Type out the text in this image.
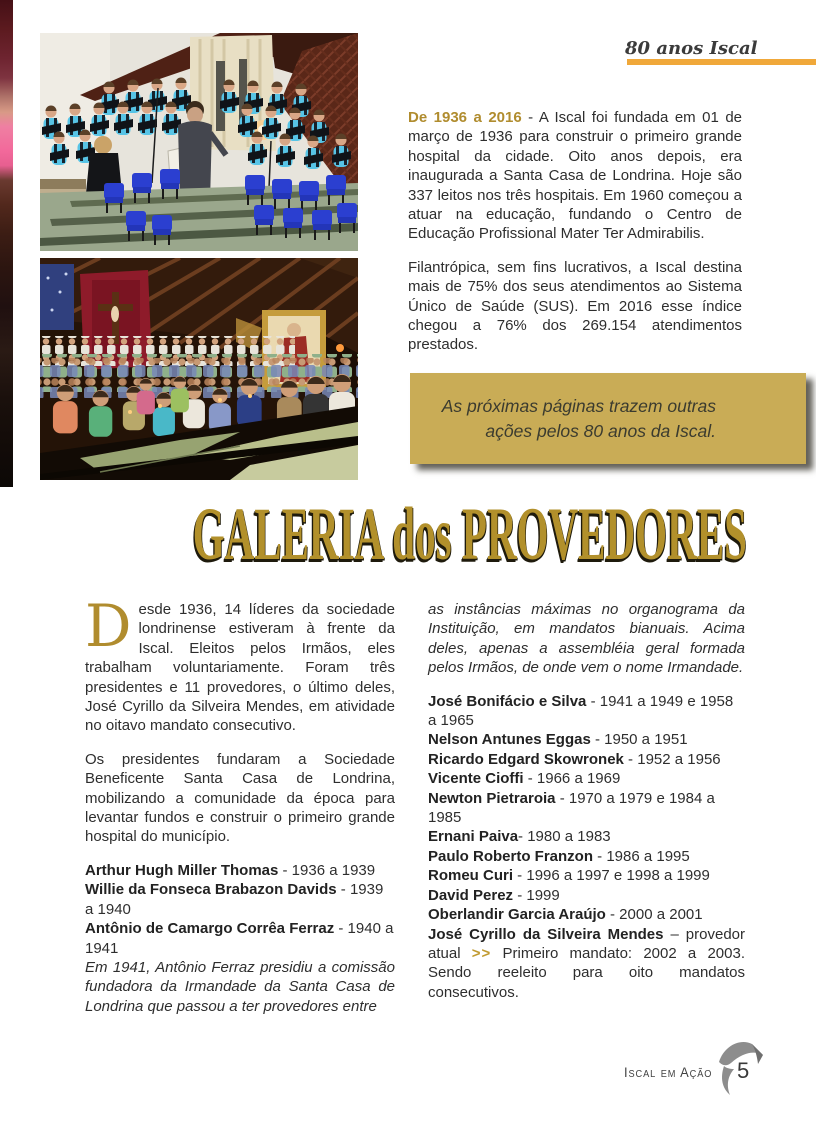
80 anos Iscal

De 1936 a 2016 - A Iscal foi fundada em 01 de março de 1936 para construir o primeiro grande hospital da cidade. Oito anos depois, era inaugurada a Santa Casa de Londrina. Hoje são 337 leitos nos três hospitais. Em 1960 começou a atuar na educação, fundando o Centro de Educação Profissional Mater Ter Admirabilis.

Filantrópica, sem fins lucrativos, a Iscal destina mais de 75% dos seus atendimentos ao Sistema Único de Saúde (SUS). Em 2016 esse índice chegou a 76% dos 269.154 atendimentos prestados.

As próximas páginas trazem outras
ações pelos 80 anos da Iscal.
GALERIA dos PROVEDORES

Desde 1936, 14 líderes da sociedade londrinense estiveram à frente da Iscal. Eleitos pelos Irmãos, eles trabalham voluntariamente. Foram três presidentes e 11 provedores, o último deles, José Cyrillo da Silveira Mendes, em atividade no oitavo mandato consecutivo.

Os presidentes fundaram a Sociedade Beneficente Santa Casa de Londrina, mobilizando a comunidade da época para levantar fundos e construir o primeiro grande hospital do município.

Arthur Hugh Miller Thomas - 1936 a 1939
Willie da Fonseca Brabazon Davids - 1939 a 1940
Antônio de Camargo Corrêa Ferraz - 1940 a 1941
Em 1941, Antônio Ferraz presidiu a comissão fundadora da Irmandade da Santa Casa de Londrina que passou a ter provedores entre

as instâncias máximas no organograma da Instituição, em mandatos bianuais. Acima deles, apenas a assembléia geral formada pelos Irmãos, de onde vem o nome Irmandade.

José Bonifácio e Silva - 1941 a 1949 e 1958 a 1965
Nelson Antunes Eggas - 1950 a 1951
Ricardo Edgard Skowronek - 1952 a 1956
Vicente Cioffi - 1966 a 1969
Newton Pietraroia - 1970 a 1979 e 1984 a 1985
Ernani Paiva- 1980 a 1983
Paulo Roberto Franzon - 1986 a 1995
Romeu Curi - 1996 a 1997 e 1998 a 1999
David Perez - 1999
Oberlandir Garcia Araújo - 2000 a 2001
José Cyrillo da Silveira Mendes – provedor atual >> Primeiro mandato: 2002 a 2003. Sendo reeleito para oito mandatos consecutivos.
Iscal em Ação 5
